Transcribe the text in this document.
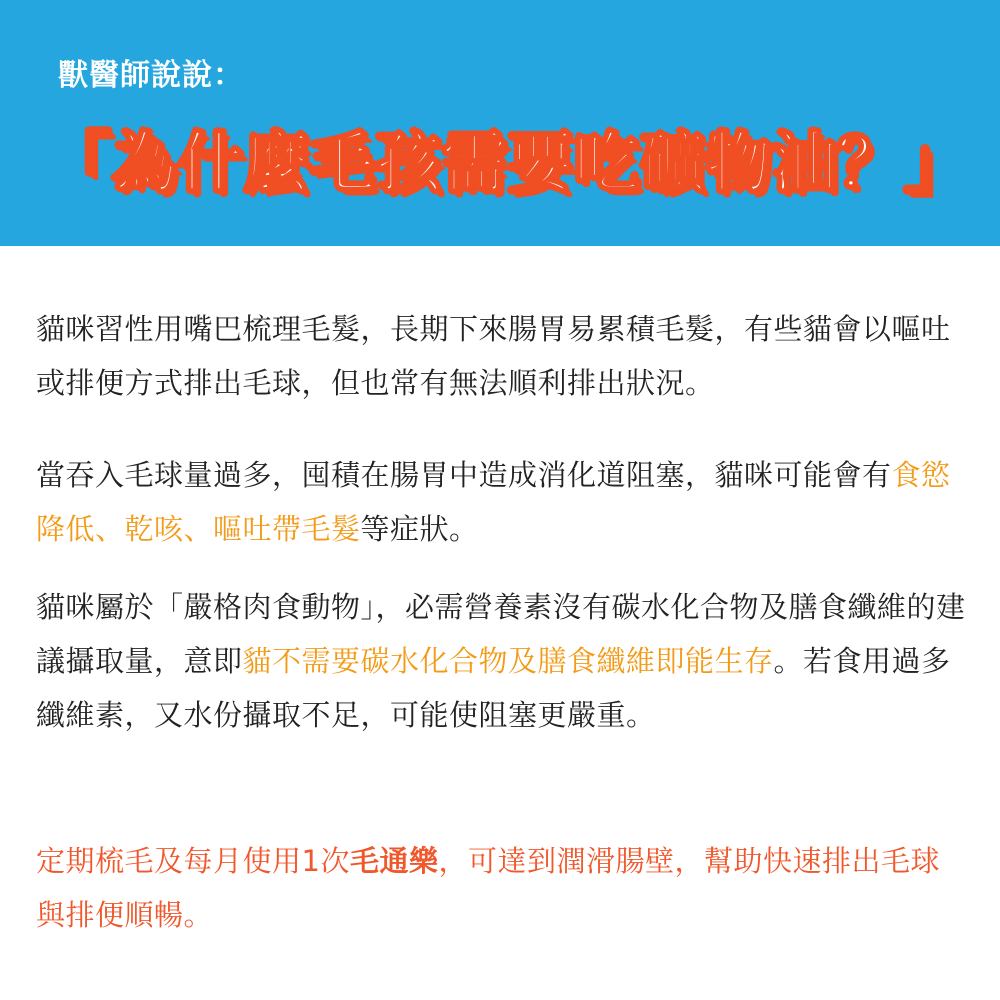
獸醫師說說：
「為什麼毛孩需要吃礦物油？」

貓咪習性用嘴巴梳理毛髮，長期下來腸胃易累積毛髮，有些貓會以嘔吐或排便方式排出毛球，但也常有無法順利排出狀況。

當吞入毛球量過多，囤積在腸胃中造成消化道阻塞，貓咪可能會有食慾降低、乾咳、嘔吐帶毛髮等症狀。

貓咪屬於「嚴格肉食動物」，必需營養素沒有碳水化合物及膳食纖維的建議攝取量，意即貓不需要碳水化合物及膳食纖維即能生存。若食用過多纖維素，又水份攝取不足，可能使阻塞更嚴重。

定期梳毛及每月使用1次毛通樂，可達到潤滑腸壁，幫助快速排出毛球與排便順暢。
